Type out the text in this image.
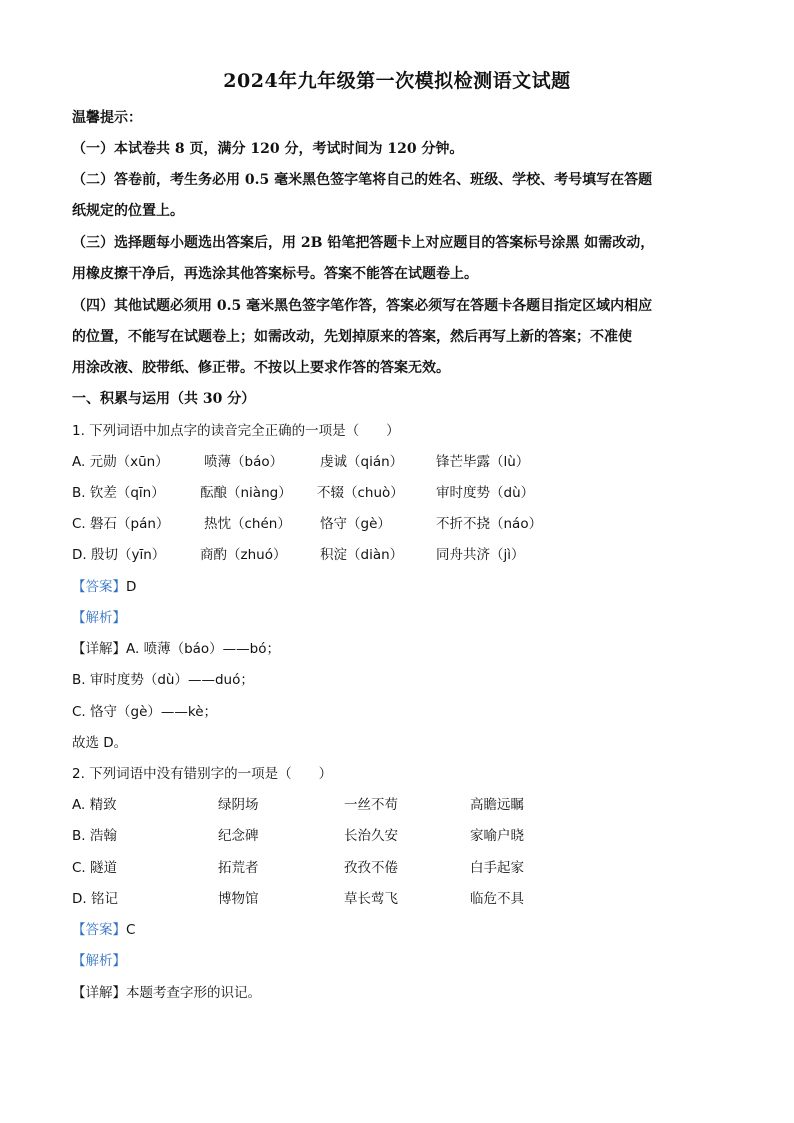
2024年九年级第一次模拟检测语文试题
温馨提示：
（一）本试卷共 8 页，满分 120 分，考试时间为 120 分钟。
（二）答卷前，考生务必用 0.5 毫米黑色签字笔将自己的姓名、班级、学校、考号填写在答题
纸规定的位置上。
（三）选择题每小题选出答案后，用 2B 铅笔把答题卡上对应题目的答案标号涂黑 如需改动，
用橡皮擦干净后，再选涂其他答案标号。答案不能答在试题卷上。
（四）其他试题必须用 0.5 毫米黑色签字笔作答，答案必须写在答题卡各题目指定区域内相应
的位置，不能写在试题卷上；如需改动，先划掉原来的答案，然后再写上新的答案；不准使
用涂改液、胶带纸、修正带。不按以上要求作答的答案无效。
一、积累与运用（共 30 分）
1. 下列词语中加点字的读音完全正确的一项是（　　）
A. 元勋（xūn）	喷薄（báo）	虔诚（qián） 锋芒毕露（lù）
B. 钦差（qīn）	酝酿（niàng） 不辍（chuò） 审时度势（dù）
C. 磐石（pán）	热忱（chén） 恪守（gè）	不折不挠（náo）
D. 殷切（yīn）	商酌（zhuó） 积淀（diàn） 同舟共济（jì）
【答案】D
【解析】
【详解】A. 喷薄（báo）——bó；
B. 审时度势（dù）——duó；
C. 恪守（gè）——kè；
故选 D。
2. 下列词语中没有错别字的一项是（　　）
A. 精致	绿阴场	一丝不苟	高瞻远瞩
B. 浩翰	纪念碑	长治久安	家喻户晓
C. 隧道	拓荒者	孜孜不倦	白手起家
D. 铭记	博物馆	草长莺飞	临危不具
【答案】C
【解析】
【详解】本题考查字形的识记。
